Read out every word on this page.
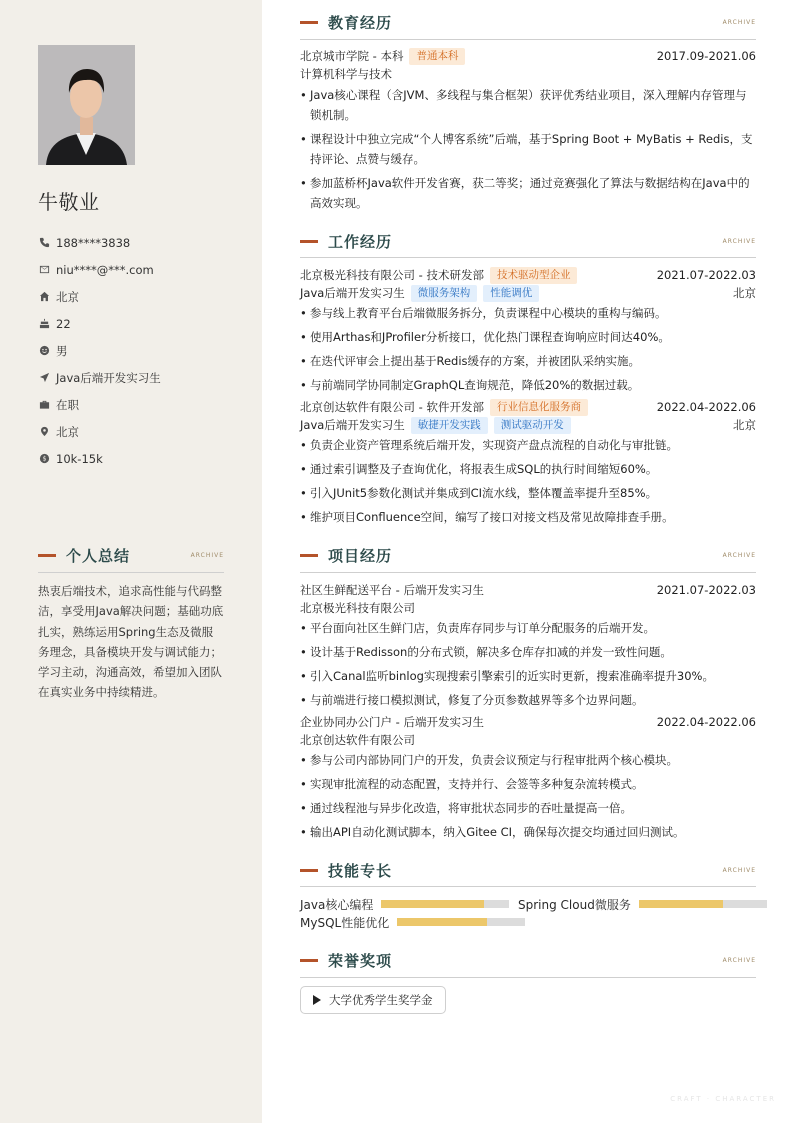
牛敬业
188****3838
niu****@***.com
北京
22
男
Java后端开发实习生
在职
北京
$ 10k-15k
个人总结	ARCHIVE
热衷后端技术，追求高性能与代码整洁，享受用Java解决问题；基础功底扎实，熟练运用Spring生态及微服务理念，具备模块开发与调试能力；学习主动，沟通高效，希望加入团队在真实业务中持续精进。
教育经历	ARCHIVE
北京城市学院 - 本科	普通本科	2017.09-2021.06
计算机科学与技术
• Java核心课程（含JVM、多线程与集合框架）获评优秀结业项目，深入理解内存管理与锁机制。
• 课程设计中独立完成“个人博客系统”后端，基于Spring Boot + MyBatis + Redis，支持评论、点赞与缓存。
• 参加蓝桥杯Java软件开发省赛，获二等奖；通过竞赛强化了算法与数据结构在Java中的高效实现。
工作经历	ARCHIVE
北京极光科技有限公司 - 技术研发部	技术驱动型企业	2021.07-2022.03
Java后端开发实习生	微服务架构	性能调优	北京
• 参与线上教育平台后端微服务拆分，负责课程中心模块的重构与编码。
• 使用Arthas和JProfiler分析接口，优化热门课程查询响应时间达40%。
• 在迭代评审会上提出基于Redis缓存的方案，并被团队采纳实施。
• 与前端同学协同制定GraphQL查询规范，降低20%的数据过载。
北京创达软件有限公司 - 软件开发部	行业信息化服务商	2022.04-2022.06
Java后端开发实习生	敏捷开发实践	测试驱动开发	北京
• 负责企业资产管理系统后端开发，实现资产盘点流程的自动化与审批链。
• 通过索引调整及子查询优化，将报表生成SQL的执行时间缩短60%。
• 引入JUnit5参数化测试并集成到CI流水线，整体覆盖率提升至85%。
• 维护项目Confluence空间，编写了接口对接文档及常见故障排查手册。
项目经历	ARCHIVE
社区生鲜配送平台 - 后端开发实习生	2021.07-2022.03
北京极光科技有限公司
• 平台面向社区生鲜门店，负责库存同步与订单分配服务的后端开发。
• 设计基于Redisson的分布式锁，解决多仓库存扣减的并发一致性问题。
• 引入Canal监听binlog实现搜索引擎索引的近实时更新，搜索准确率提升30%。
• 与前端进行接口模拟测试，修复了分页参数越界等多个边界问题。
企业协同办公门户 - 后端开发实习生	2022.04-2022.06
北京创达软件有限公司
• 参与公司内部协同门户的开发，负责会议预定与行程审批两个核心模块。
• 实现审批流程的动态配置，支持并行、会签等多种复杂流转模式。
• 通过线程池与异步化改造，将审批状态同步的吞吐量提高一倍。
• 输出API自动化测试脚本，纳入Gitee CI，确保每次提交均通过回归测试。
技能专长	ARCHIVE
Java核心编程	Spring Cloud微服务
MySQL性能优化
荣誉奖项	ARCHIVE
大学优秀学生奖学金
CRAFT · CHARACTER
